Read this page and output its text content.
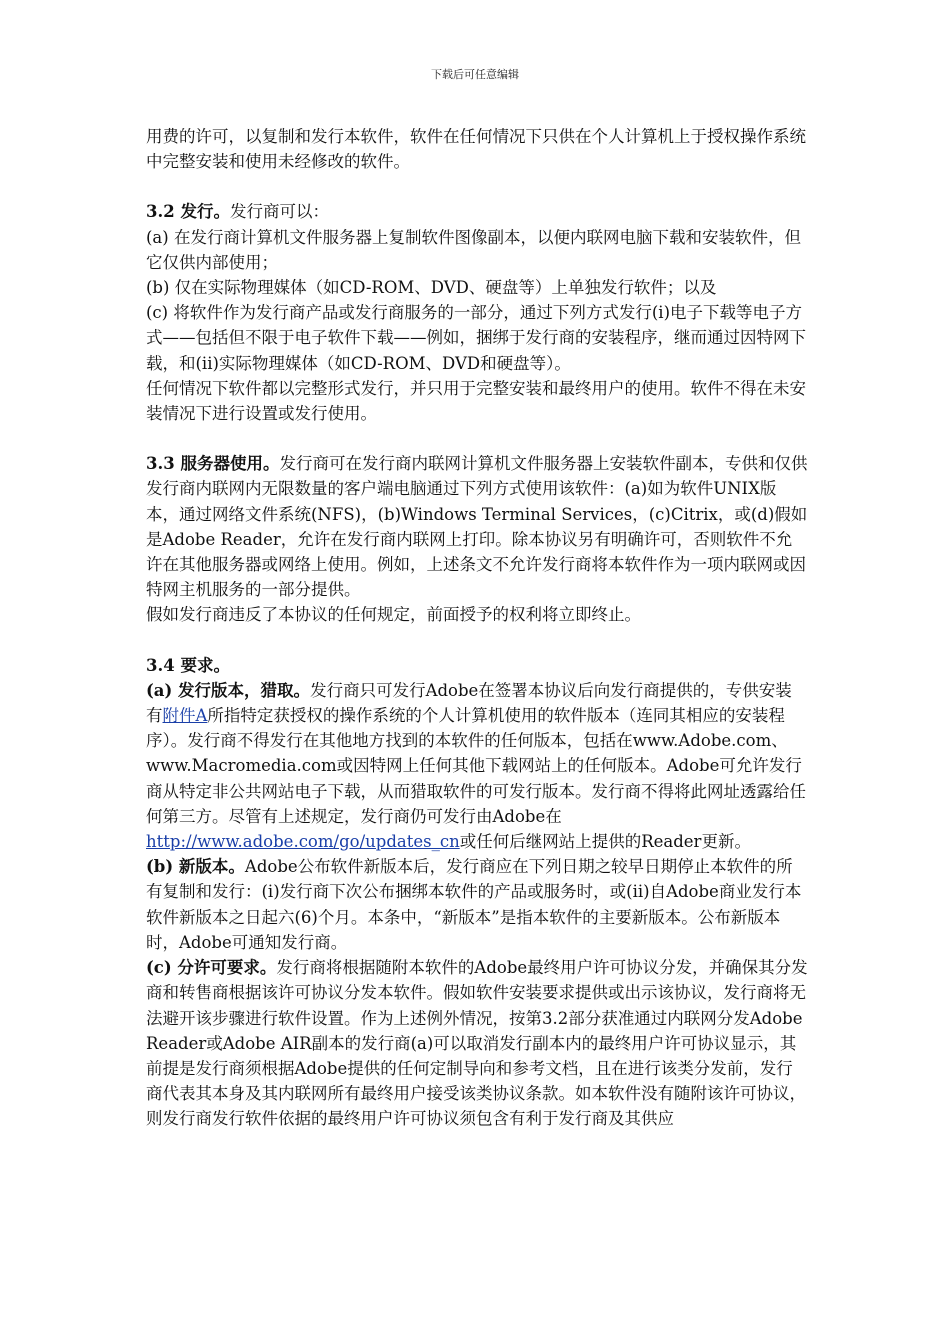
下载后可任意编辑

用费的许可，以复制和发行本软件，软件在任何情况下只供在个人计算机上于授权操作系统中完整安装和使用未经修改的软件。

3.2 发行。发行商可以：

(a) 在发行商计算机文件服务器上复制软件图像副本，以便内联网电脑下载和安装软件，但它仅供内部使用；

(b) 仅在实际物理媒体（如CD-ROM、DVD、硬盘等）上单独发行软件；以及

(c) 将软件作为发行商产品或发行商服务的一部分，通过下列方式发行(i)电子下载等电子方式——包括但不限于电子软件下载——例如，捆绑于发行商的安装程序，继而通过因特网下载，和(ii)实际物理媒体（如CD-ROM、DVD和硬盘等）。

任何情况下软件都以完整形式发行，并只用于完整安装和最终用户的使用。软件不得在未安装情况下进行设置或发行使用。

3.3 服务器使用。发行商可在发行商内联网计算机文件服务器上安装软件副本，专供和仅供发行商内联网内无限数量的客户端电脑通过下列方式使用该软件：(a)如为软件UNIX版本，通过网络文件系统(NFS)，(b)Windows Terminal Services，(c)Citrix，或(d)假如是Adobe Reader，允许在发行商内联网上打印。除本协议另有明确许可，否则软件不允许在其他服务器或网络上使用。例如，上述条文不允许发行商将本软件作为一项内联网或因特网主机服务的一部分提供。

假如发行商违反了本协议的任何规定，前面授予的权利将立即终止。

3.4 要求。

(a) 发行版本，猎取。发行商只可发行Adobe在签署本协议后向发行商提供的，专供安装有附件A所指特定获授权的操作系统的个人计算机使用的软件版本（连同其相应的安装程序）。发行商不得发行在其他地方找到的本软件的任何版本，包括在www.Adobe.com、www.Macromedia.com或因特网上任何其他下载网站上的任何版本。Adobe可允许发行商从特定非公共网站电子下载，从而猎取软件的可发行版本。发行商不得将此网址透露给任何第三方。尽管有上述规定，发行商仍可发行由Adobe在http://www.adobe.com/go/updates_cn或任何后继网站上提供的Reader更新。

(b) 新版本。Adobe公布软件新版本后，发行商应在下列日期之较早日期停止本软件的所有复制和发行：(i)发行商下次公布捆绑本软件的产品或服务时，或(ii)自Adobe商业发行本软件新版本之日起六(6)个月。本条中，“新版本”是指本软件的主要新版本。公布新版本时，Adobe可通知发行商。

(c) 分许可要求。发行商将根据随附本软件的Adobe最终用户许可协议分发，并确保其分发商和转售商根据该许可协议分发本软件。假如软件安装要求提供或出示该协议，发行商将无法避开该步骤进行软件设置。作为上述例外情况，按第3.2部分获准通过内联网分发Adobe Reader或Adobe AIR副本的发行商(a)可以取消发行副本内的最终用户许可协议显示，其前提是发行商须根据Adobe提供的任何定制导向和参考文档，且在进行该类分发前，发行商代表其本身及其内联网所有最终用户接受该类协议条款。如本软件没有随附该许可协议，则发行商发行软件依据的最终用户许可协议须包含有利于发行商及其供应
